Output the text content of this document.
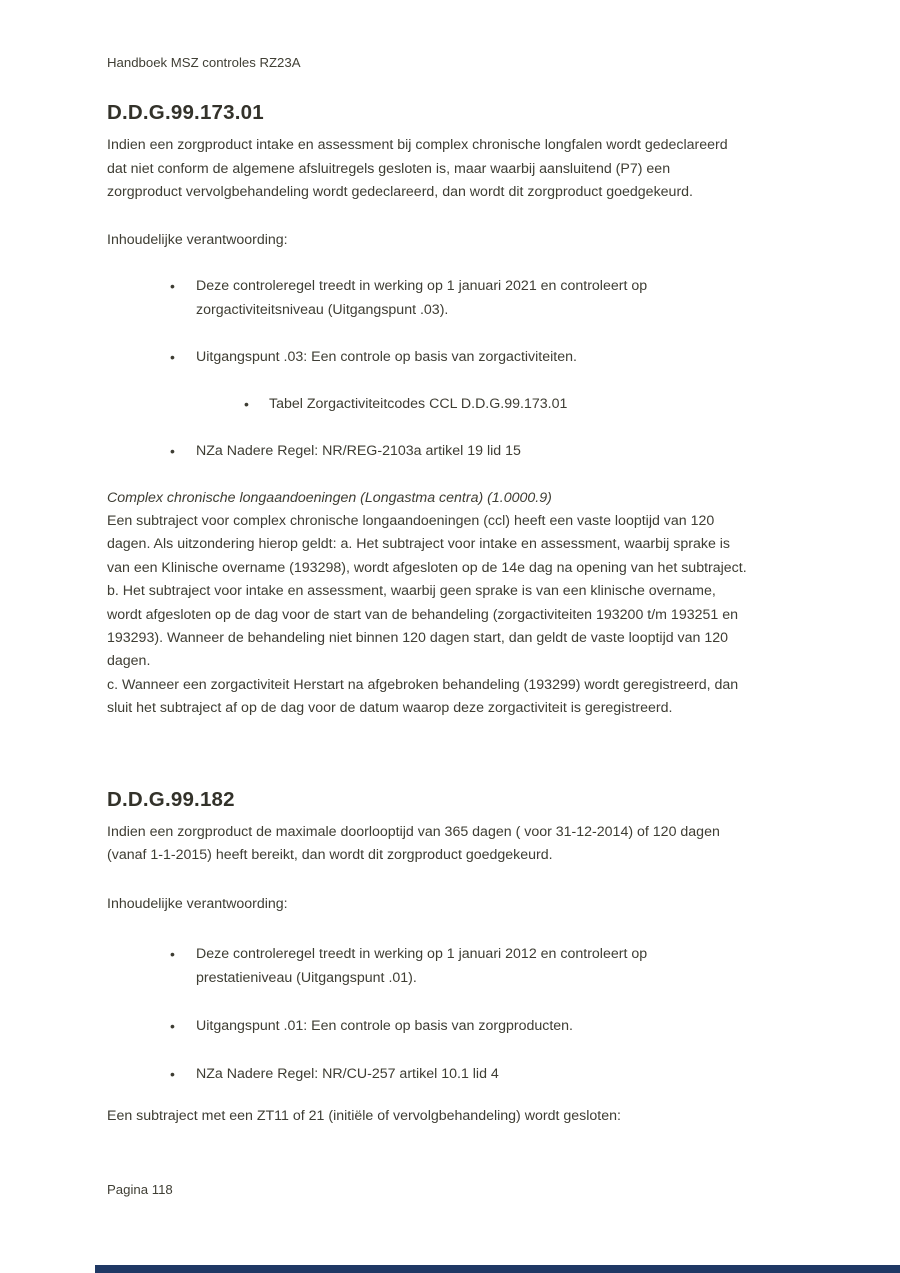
Handboek MSZ controles RZ23A
D.D.G.99.173.01
Indien een zorgproduct intake en assessment bij complex chronische longfalen wordt gedeclareerd
dat niet conform de algemene afsluitregels gesloten is, maar waarbij aansluitend (P7) een
zorgproduct vervolgbehandeling wordt gedeclareerd, dan wordt dit zorgproduct goedgekeurd.
Inhoudelijke verantwoording:
• Deze controleregel treedt in werking op 1 januari 2021 en controleert op
zorgactiviteitsniveau (Uitgangspunt .03).
• Uitgangspunt .03: Een controle op basis van zorgactiviteiten.
• Tabel Zorgactiviteitcodes CCL D.D.G.99.173.01
• NZa Nadere Regel: NR/REG-2103a artikel 19 lid 15
Complex chronische longaandoeningen (Longastma centra) (1.0000.9)
Een subtraject voor complex chronische longaandoeningen (ccl) heeft een vaste looptijd van 120
dagen. Als uitzondering hierop geldt: a. Het subtraject voor intake en assessment, waarbij sprake is
van een Klinische overname (193298), wordt afgesloten op de 14e dag na opening van het subtraject.
b. Het subtraject voor intake en assessment, waarbij geen sprake is van een klinische overname,
wordt afgesloten op de dag voor de start van de behandeling (zorgactiviteiten 193200 t/m 193251 en
193293). Wanneer de behandeling niet binnen 120 dagen start, dan geldt de vaste looptijd van 120
dagen.
c. Wanneer een zorgactiviteit Herstart na afgebroken behandeling (193299) wordt geregistreerd, dan
sluit het subtraject af op de dag voor de datum waarop deze zorgactiviteit is geregistreerd.
D.D.G.99.182
Indien een zorgproduct de maximale doorlooptijd van 365 dagen ( voor 31-12-2014) of 120 dagen
(vanaf 1-1-2015) heeft bereikt, dan wordt dit zorgproduct goedgekeurd.
Inhoudelijke verantwoording:
• Deze controleregel treedt in werking op 1 januari 2012 en controleert op
prestatieniveau (Uitgangspunt .01).
• Uitgangspunt .01: Een controle op basis van zorgproducten.
• NZa Nadere Regel: NR/CU-257 artikel 10.1 lid 4
Een subtraject met een ZT11 of 21 (initiële of vervolgbehandeling) wordt gesloten:
Pagina 118
